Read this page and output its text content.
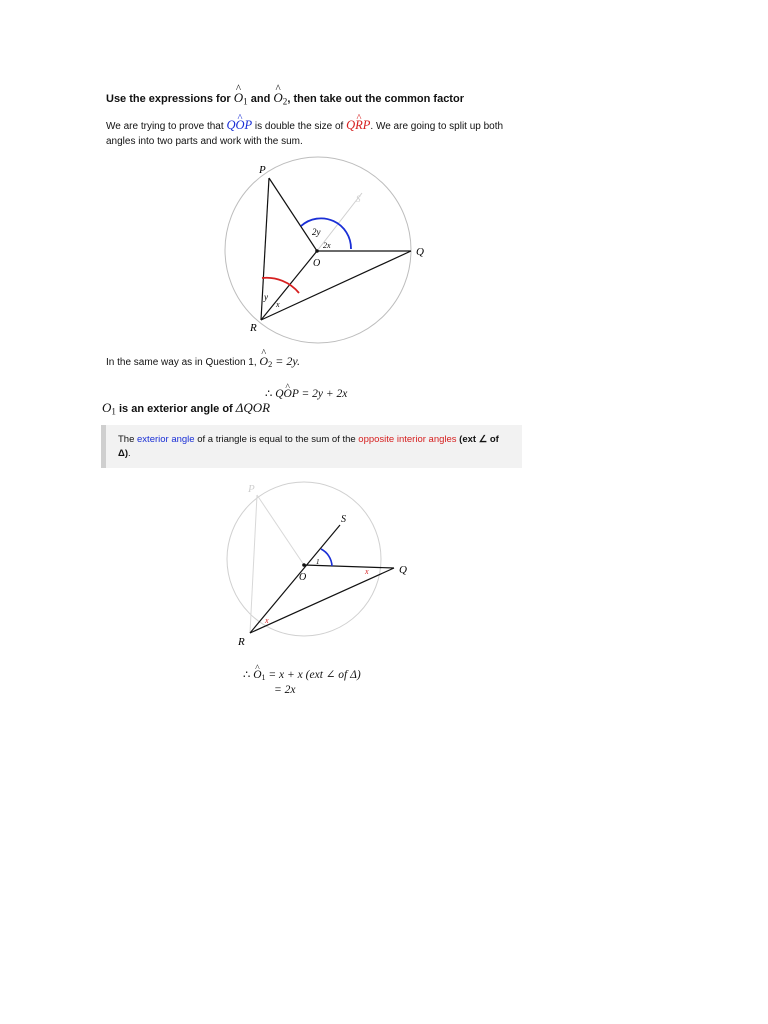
Use the expressions for ^ $O_1$ and ^ $O_2$, then take out the common factor
We are trying to prove that Q^ OP is double the size of Q^ RP. We are going to split up both angles into two parts and work with the sum.
P
Q
R
O
S
2y
2x
y
x
In the same way as in Question 1, ^ $O_2 = 2y$.
∴ Q^ OP = 2y + 2x
$O_1$ is an exterior angle of ΔQOR
The exterior angle of a triangle is equal to the sum of the opposite interior angles (ext ∠ of Δ).
P
Q
R
O
S
1
x
x
∴ ^ $O_1 = x + x$ (ext ∠ of Δ)
= 2x
